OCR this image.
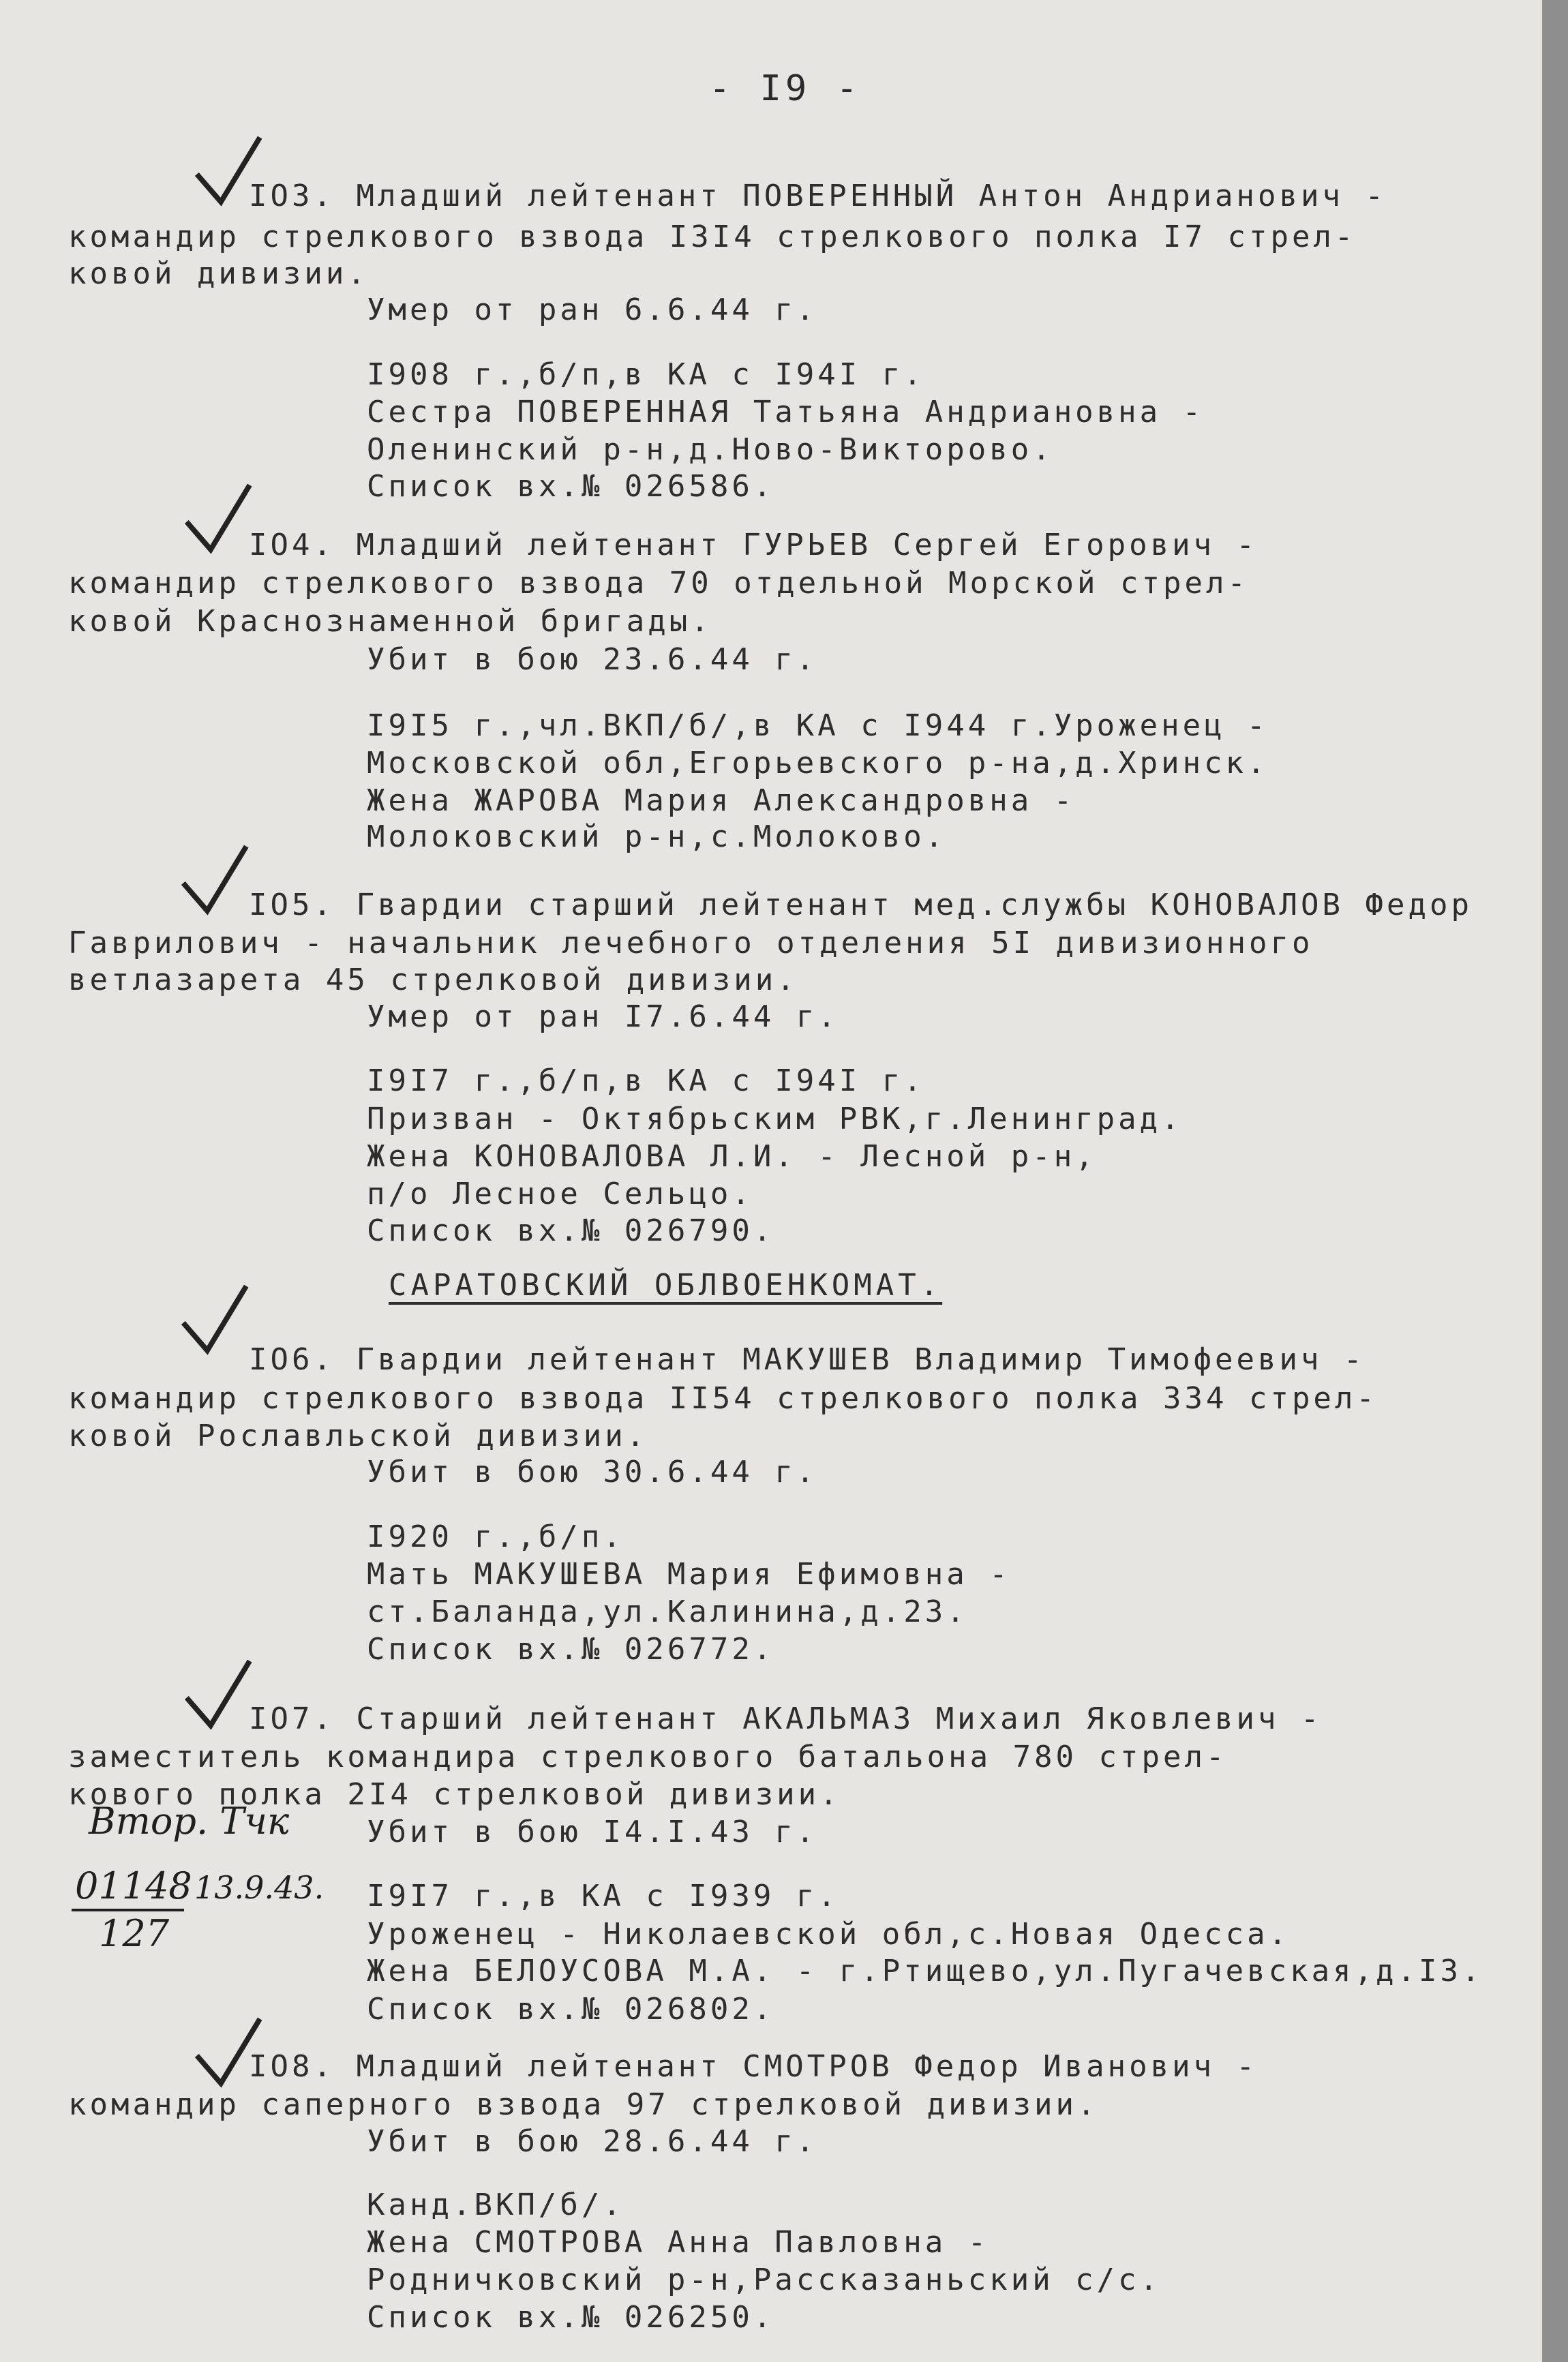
- I9 -
IO3. Младший лейтенант ПОВЕРЕННЫЙ Антон Андрианович -
командир стрелкового взвода I3I4 стрелкового полка I7 стрел-
ковой дивизии.
Умер от ран 6.6.44 г.
I908 г.,б/п,в КА с I94I г.
Сестра ПОВЕРЕННАЯ Татьяна Андриановна -
Оленинский р-н,д.Ново-Викторово.
Список вх.№ 026586.
IO4. Младший лейтенант ГУРЬЕВ Сергей Егорович -
командир стрелкового взвода 70 отдельной Морской стрел-
ковой Краснознаменной бригады.
Убит в бою 23.6.44 г.
I9I5 г.,чл.ВКП/б/,в КА с I944 г.Уроженец -
Московской обл,Егорьевского р-на,д.Хринск.
Жена ЖАРОВА Мария Александровна -
Молоковский р-н,с.Молоково.
IO5. Гвардии старший лейтенант мед.службы КОНОВАЛОВ Федор
Гаврилович - начальник лечебного отделения 5I дивизионного
ветлазарета 45 стрелковой дивизии.
Умер от ран I7.6.44 г.
I9I7 г.,б/п,в КА с I94I г.
Призван - Октябрьским РВК,г.Ленинград.
Жена КОНОВАЛОВА Л.И. - Лесной р-н,
п/о Лесное Сельцо.
Список вх.№ 026790.
САРАТОВСКИЙ ОБЛВОЕНКОМАТ.
IO6. Гвардии лейтенант МАКУШЕВ Владимир Тимофеевич -
командир стрелкового взвода II54 стрелкового полка 334 стрел-
ковой Рославльской дивизии.
Убит в бою 30.6.44 г.
I920 г.,б/п.
Мать МАКУШЕВА Мария Ефимовна -
ст.Баланда,ул.Калинина,д.23.
Список вх.№ 026772.
IO7. Старший лейтенант АКАЛЬМАЗ Михаил Яковлевич -
заместитель командира стрелкового батальона 780 стрел-
кового полка 2I4 стрелковой дивизии.
Убит в бою I4.I.43 г.
I9I7 г.,в КА с I939 г.
Уроженец - Николаевской обл,с.Новая Одесса.
Жена БЕЛОУСОВА М.А. - г.Ртищево,ул.Пугачевская,д.I3.
Список вх.№ 026802.
Втор. Тчк
01148
127
13.9.43.
IO8. Младший лейтенант СМОТРОВ Федор Иванович -
командир саперного взвода 97 стрелковой дивизии.
Убит в бою 28.6.44 г.
Канд.ВКП/б/.
Жена СМОТРОВА Анна Павловна -
Родничковский р-н,Рассказаньский с/с.
Список вх.№ 026250.
